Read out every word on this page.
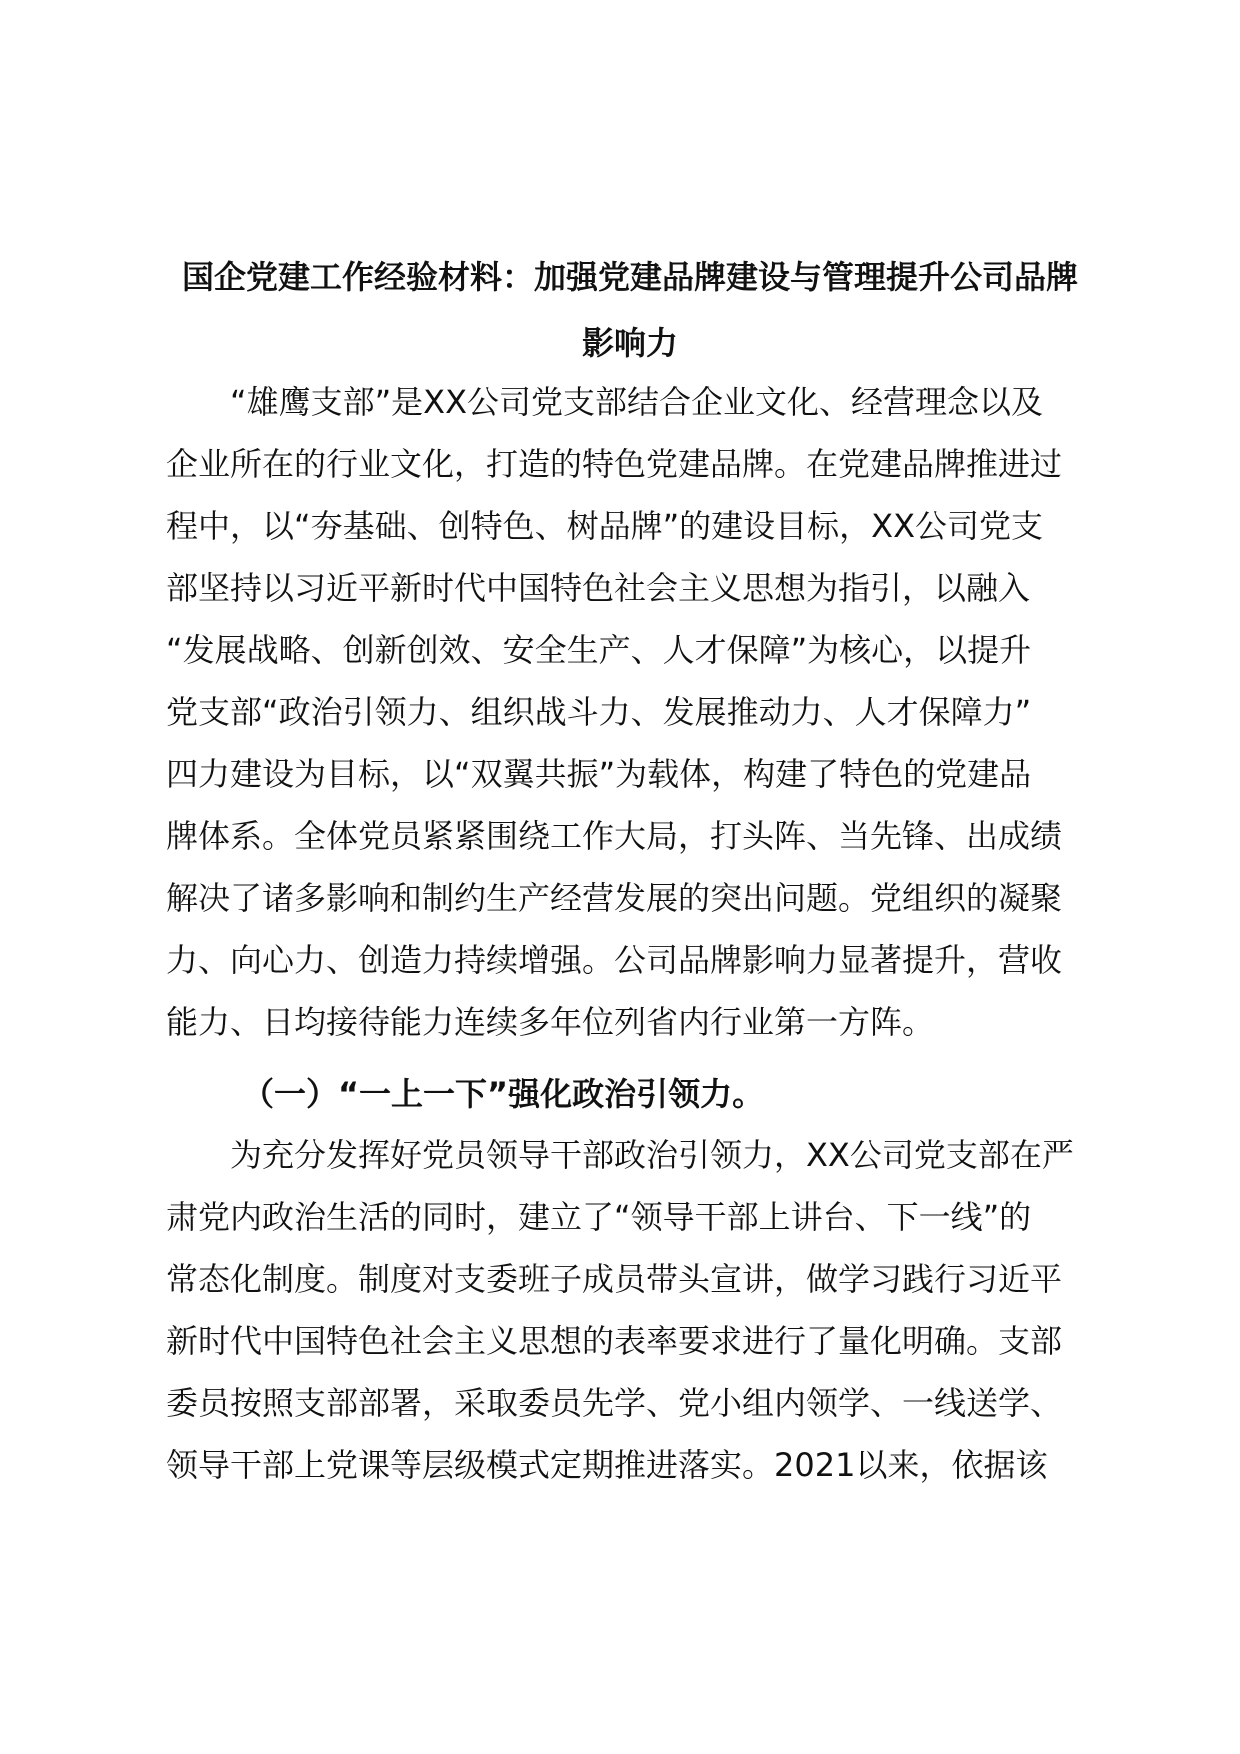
国企党建工作经验材料：加强党建品牌建设与管理提升公司品牌
影响力
“雄鹰支部”是XX公司党支部结合企业文化、经营理念以及
企业所在的行业文化，打造的特色党建品牌。在党建品牌推进过
程中，以“夯基础、创特色、树品牌”的建设目标，XX公司党支
部坚持以习近平新时代中国特色社会主义思想为指引，以融入
“发展战略、创新创效、安全生产、人才保障”为核心，以提升
党支部“政治引领力、组织战斗力、发展推动力、人才保障力”
四力建设为目标，以“双翼共振”为载体，构建了特色的党建品
牌体系。全体党员紧紧围绕工作大局，打头阵、当先锋、出成绩
解决了诸多影响和制约生产经营发展的突出问题。党组织的凝聚
力、向心力、创造力持续增强。公司品牌影响力显著提升，营收
能力、日均接待能力连续多年位列省内行业第一方阵。
（一）“一上一下”强化政治引领力。
为充分发挥好党员领导干部政治引领力，XX公司党支部在严
肃党内政治生活的同时，建立了“领导干部上讲台、下一线”的
常态化制度。制度对支委班子成员带头宣讲，做学习践行习近平
新时代中国特色社会主义思想的表率要求进行了量化明确。支部
委员按照支部部署，采取委员先学、党小组内领学、一线送学、
领导干部上党课等层级模式定期推进落实。2021以来，依据该
